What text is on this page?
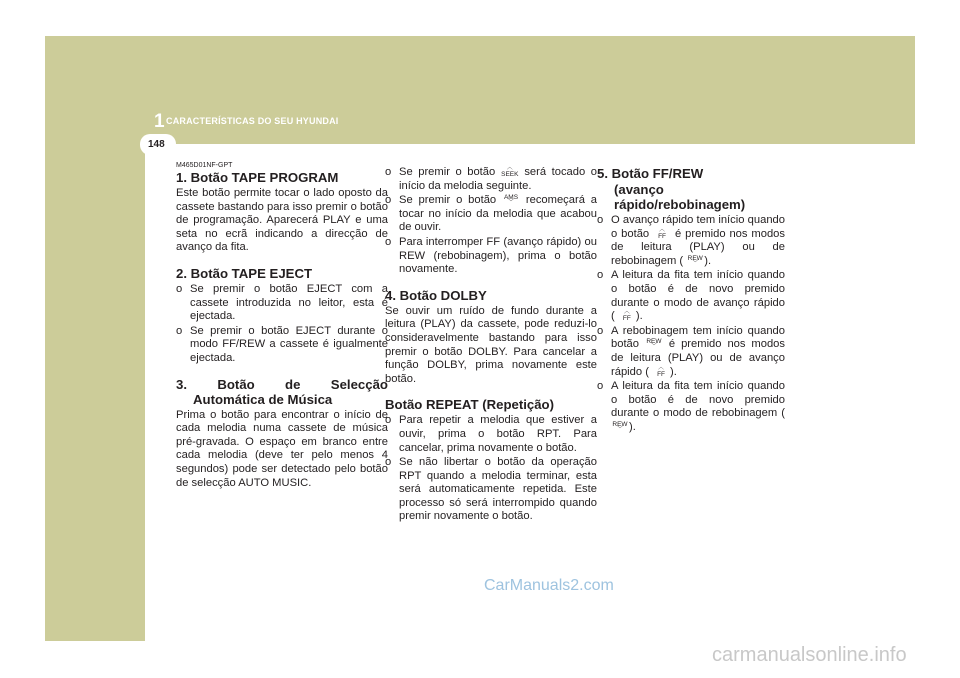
1 CARACTERÍSTICAS DO SEU HYUNDAI
148
M465D01NF-GPT
1. Botão TAPE PROGRAM

Este botão permite tocar o lado oposto da cassete bastando para isso premir o botão de programação. Aparecerá PLAY e uma seta no ecrã indicando a direcção de avanço da fita.

2. Botão TAPE EJECT
o Se premir o botão EJECT com a cassete introduzida no leitor, esta é ejectada.
o Se premir o botão EJECT durante o modo FF/REW a cassete é igualmente ejectada.
3. Botão de Selecção
Automática de Música

Prima o botão para encontrar o início de cada melodia numa cassete de música pré-gravada. O espaço em branco entre cada melodia (deve ter pelo menos 4 segundos) pode ser detectado pelo botão de selecção AUTO MUSIC.

o Se premir o botão	︿
SEEK será tocado o início da melodia seguinte.
o Se premir o botão AMS
﹀	recomeçará a tocar no início da melodia que acabou de ouvir.
o Para interromper FF (avanço rápido) ou REW (rebobinagem), prima o botão novamente.
4. Botão DOLBY

Se ouvir um ruído de fundo durante a leitura (PLAY) da cassete, pode reduzi-lo consideravelmente bastando para isso premir o botão DOLBY. Para cancelar a função DOLBY, prima novamente este botão.

Botão REPEAT (Repetição)
o Para repetir a melodia que estiver a ouvir, prima o botão RPT. Para cancelar, prima novamente o botão.
o Se não libertar o botão da operação RPT quando a melodia terminar, esta será automaticamente repetida. Este processo só será interrompido quando premir novamente o botão.
5. Botão FF/REW
(avanço rápido/rebobinagem)
o O avanço rápido tem início quando o botão	︿
FF é premido nos modos de leitura (PLAY) ou de rebobinagem ( REW
﹀ ).
o A leitura da fita tem início quando o botão é de novo premido durante o modo de avanço rápido (	︿
FF ).
o A rebobinagem tem início quando botão REW
﹀	é premido nos modos de leitura (PLAY) ou de avanço rápido (	︿
FF ).
o A leitura da fita tem início quando o botão é de novo premido durante o modo de rebobinagem ( REW
﹀ ).
CarManuals2.com
carmanualsonline.info
